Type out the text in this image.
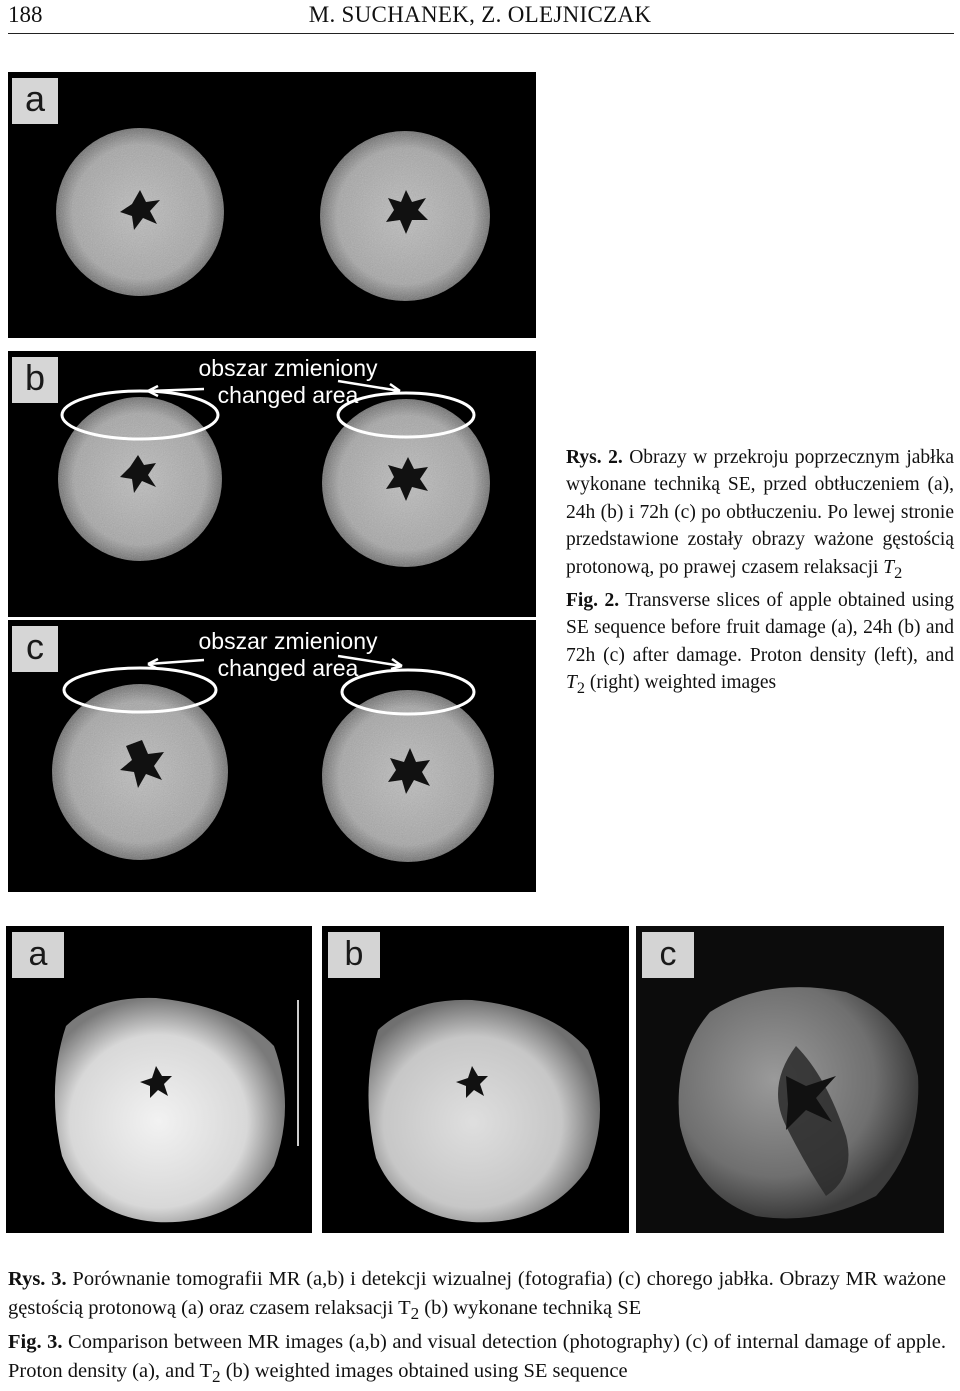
188	M. SUCHANEK, Z. OLEJNICZAK
a
b	obszar zmieniony
changed area
c	obszar zmieniony
changed area
Rys. 2. Obrazy w przekroju poprzecznym jabłka wykonane techniką SE, przed obtłuczeniem (a), 24h (b) i 72h (c) po obtłuczeniu. Po lewej stronie przedstawione zostały obrazy ważone gęstością protonową, po prawej czasem relaksacji $T_2$
Fig. 2. Transverse slices of apple obtained using SE sequence before fruit damage (a), 24h (b) and 72h (c) after damage. Proton density (left), and $T_2$ (right) weighted images
a	b	c

Rys. 3. Porównanie tomografii MR (a,b) i detekcji wizualnej (fotografia) (c) chorego jabłka. Obrazy MR ważone gęstością protonową (a) oraz czasem relaksacji $T_2$ (b) wykonane techniką SE

Fig. 3. Comparison between MR images (a,b) and visual detection (photography) (c) of internal damage of apple. Proton density (a), and $T_2$ (b) weighted images obtained using SE sequence
